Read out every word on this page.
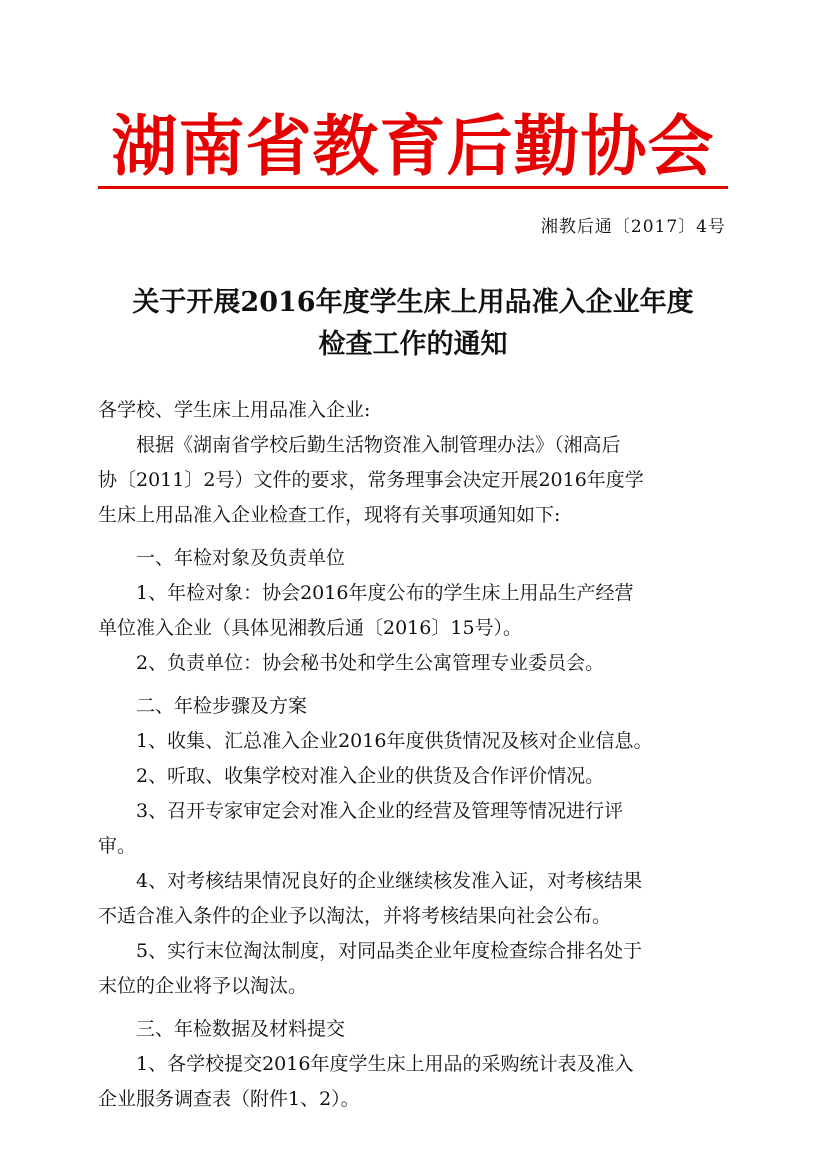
湖南省教育后勤协会
湘教后通〔2017〕4号
关于开展2016年度学生床上用品准入企业年度
检查工作的通知
各学校、学生床上用品准入企业:
根据《湖南省学校后勤生活物资准入制管理办法》（湘高后
协〔2011〕2号）文件的要求，常务理事会决定开展2016年度学
生床上用品准入企业检查工作，现将有关事项通知如下:
一、年检对象及负责单位
1、年检对象：协会2016年度公布的学生床上用品生产经营
单位准入企业（具体见湘教后通〔2016〕15号）。
2、负责单位：协会秘书处和学生公寓管理专业委员会。
二、年检步骤及方案
1、收集、汇总准入企业2016年度供货情况及核对企业信息。
2、听取、收集学校对准入企业的供货及合作评价情况。
3、召开专家审定会对准入企业的经营及管理等情况进行评
审。
4、对考核结果情况良好的企业继续核发准入证，对考核结果
不适合准入条件的企业予以淘汰，并将考核结果向社会公布。
5、实行末位淘汰制度，对同品类企业年度检查综合排名处于
末位的企业将予以淘汰。
三、年检数据及材料提交
1、各学校提交2016年度学生床上用品的采购统计表及准入
企业服务调查表（附件1、2）。
